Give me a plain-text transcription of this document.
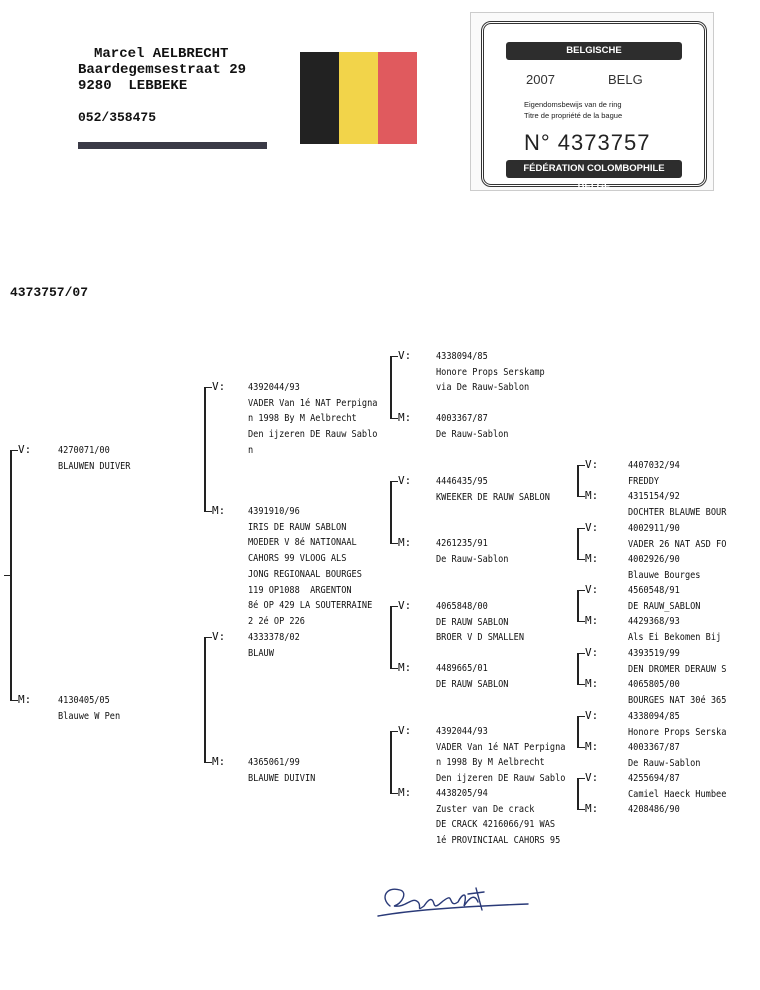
Marcel AELBRECHT
Baardegemsestraat 29
9280  LEBBEKE
052/358475
BELGISCHE DUIVENLIEFHEBBERSBOND
2007	BELG
Eigendomsbewijs van de ring
Titre de propriété de la bague
N° 4373757
FÉDÉRATION COLOMBOPHILE BELGE
4373757/07
V:
M:
V:
M:
V:
M:
V:
M:
V:
M:
V:
M:
V:
M:
V:
M:
V:
M:
V:
M:
V:
M:
V:
M:
V:
M:
4270071/00
BLAUWEN DUIVER
4130405/05
Blauwe W Pen
4392044/93
VADER Van 1é NAT Perpigna
n 1998 By M Aelbrecht
Den ijzeren DE Rauw Sablo
n
4391910/96
IRIS DE RAUW SABLON
MOEDER V 8é NATIONAAL
CAHORS 99 VLOOG ALS
JONG REGIONAAL BOURGES
119 OP1088  ARGENTON
8é OP 429 LA SOUTERRAINE
2 2é OP 226
4333378/02
BLAUW
4365061/99
BLAUWE DUIVIN
4338094/85
Honore Props Serskamp
via De Rauw-Sablon
4003367/87
De Rauw-Sablon
4446435/95
KWEEKER DE RAUW SABLON
4261235/91
De Rauw-Sablon
4065848/00
DE RAUW SABLON
BROER V D SMALLEN
4489665/01
DE RAUW SABLON
4392044/93
VADER Van 1é NAT Perpigna
n 1998 By M Aelbrecht
Den ijzeren DE Rauw Sablo
4438205/94
Zuster van De crack
DE CRACK 4216066/91 WAS
1é PROVINCIAAL CAHORS 95
4407032/94
FREDDY
4315154/92
DOCHTER BLAUWE BOUR
4002911/90
VADER 26 NAT ASD FO
4002926/90
Blauwe Bourges
4560548/91
DE RAUW_SABLON
4429368/93
Als Ei Bekomen Bij
4393519/99
DEN DROMER DERAUW S
4065805/00
BOURGES NAT 30é 365
4338094/85
Honore Props Serska
4003367/87
De Rauw-Sablon
4255694/87
Camiel Haeck Humbee
4208486/90
